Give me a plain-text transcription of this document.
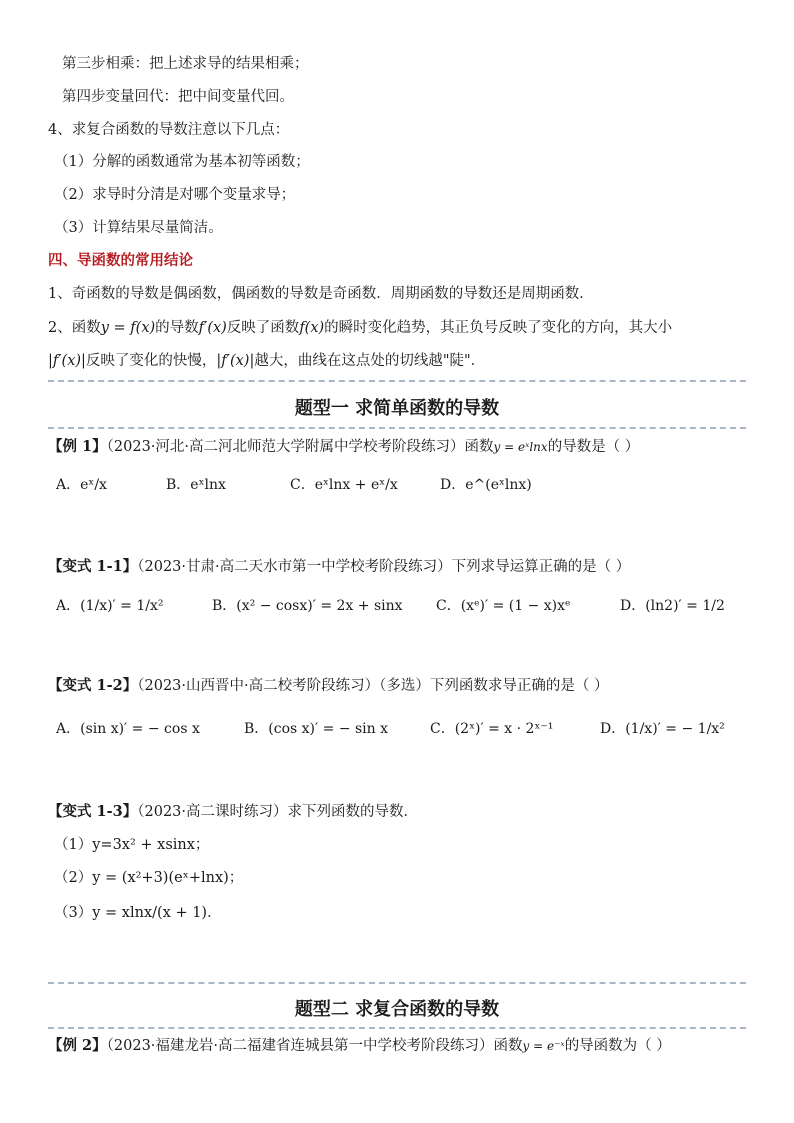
第三步相乘：把上述求导的结果相乘；
第四步变量回代：把中间变量代回。
4、求复合函数的导数注意以下几点：
（1）分解的函数通常为基本初等函数；
（2）求导时分清是对哪个变量求导；
（3）计算结果尽量简洁。
四、导函数的常用结论
1、奇函数的导数是偶函数，偶函数的导数是奇函数．周期函数的导数还是周期函数．
2、函数y = f(x)的导数f′(x)反映了函数f(x)的瞬时变化趋势，其正负号反映了变化的方向，其大小
|f′(x)|反映了变化的快慢，|f′(x)|越大，曲线在这点处的切线越"陡"．
题型一 求简单函数的导数
【例 1】（2023·河北·高二河北师范大学附属中学校考阶段练习）函数y = eˣlnx的导数是（ ）
A．eˣ/x	B．eˣlnx	C．eˣlnx + eˣ/x	D．e^(eˣlnx)
【变式 1-1】（2023·甘肃·高二天水市第一中学校考阶段练习）下列求导运算正确的是（ ）
A．(1/x)′ = 1/x²	B．(x² − cosx)′ = 2x + sinx C．(xᵉ)′ = (1 − x)xᵉ	D．(ln2)′ = 1/2
【变式 1-2】（2023·山西晋中·高二校考阶段练习）（多选）下列函数求导正确的是（ ）
A．(sin x)′ = − cos x	B．(cos x)′ = − sin x	C．(2ˣ)′ = x · 2ˣ⁻¹	D．(1/x)′ = − 1/x²
【变式 1-3】（2023·高二课时练习）求下列函数的导数．
（1）y=3x² + xsinx；
（2）y = (x²+3)(eˣ+lnx)；
（3）y = xlnx/(x + 1)．
题型二 求复合函数的导数
【例 2】（2023·福建龙岩·高二福建省连城县第一中学校考阶段练习）函数y = e⁻ˣ的导函数为（ ）
